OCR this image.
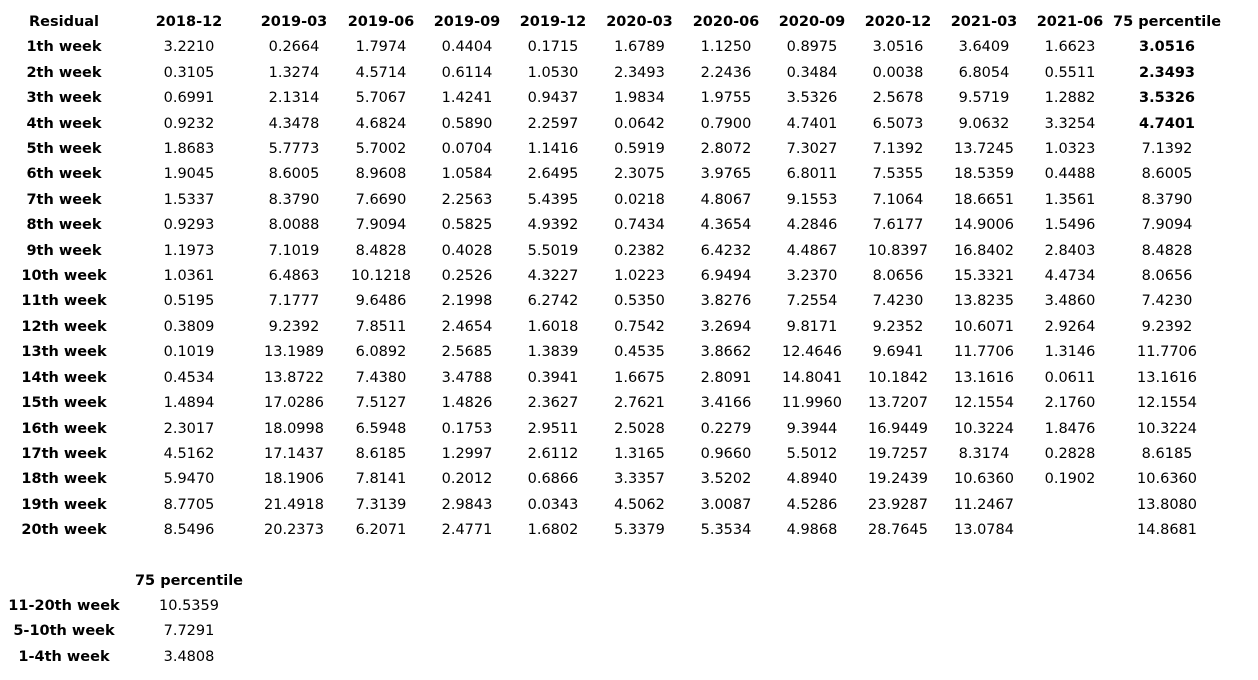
Residual	2018-12	2019-03	2019-06	2019-09	2019-12	2020-03	2020-06	2020-09	2020-12	2021-03	2021-06	75 percentile
1th week	3.2210	0.2664	1.7974	0.4404	0.1715	1.6789	1.1250	0.8975	3.0516	3.6409	1.6623	3.0516
2th week	0.3105	1.3274	4.5714	0.6114	1.0530	2.3493	2.2436	0.3484	0.0038	6.8054	0.5511	2.3493
3th week	0.6991	2.1314	5.7067	1.4241	0.9437	1.9834	1.9755	3.5326	2.5678	9.5719	1.2882	3.5326
4th week	0.9232	4.3478	4.6824	0.5890	2.2597	0.0642	0.7900	4.7401	6.5073	9.0632	3.3254	4.7401
5th week	1.8683	5.7773	5.7002	0.0704	1.1416	0.5919	2.8072	7.3027	7.1392	13.7245	1.0323	7.1392
6th week	1.9045	8.6005	8.9608	1.0584	2.6495	2.3075	3.9765	6.8011	7.5355	18.5359	0.4488	8.6005
7th week	1.5337	8.3790	7.6690	2.2563	5.4395	0.0218	4.8067	9.1553	7.1064	18.6651	1.3561	8.3790
8th week	0.9293	8.0088	7.9094	0.5825	4.9392	0.7434	4.3654	4.2846	7.6177	14.9006	1.5496	7.9094
9th week	1.1973	7.1019	8.4828	0.4028	5.5019	0.2382	6.4232	4.4867	10.8397	16.8402	2.8403	8.4828
10th week	1.0361	6.4863	10.1218	0.2526	4.3227	1.0223	6.9494	3.2370	8.0656	15.3321	4.4734	8.0656
11th week	0.5195	7.1777	9.6486	2.1998	6.2742	0.5350	3.8276	7.2554	7.4230	13.8235	3.4860	7.4230
12th week	0.3809	9.2392	7.8511	2.4654	1.6018	0.7542	3.2694	9.8171	9.2352	10.6071	2.9264	9.2392
13th week	0.1019	13.1989	6.0892	2.5685	1.3839	0.4535	3.8662	12.4646	9.6941	11.7706	1.3146	11.7706
14th week	0.4534	13.8722	7.4380	3.4788	0.3941	1.6675	2.8091	14.8041	10.1842	13.1616	0.0611	13.1616
15th week	1.4894	17.0286	7.5127	1.4826	2.3627	2.7621	3.4166	11.9960	13.7207	12.1554	2.1760	12.1554
16th week	2.3017	18.0998	6.5948	0.1753	2.9511	2.5028	0.2279	9.3944	16.9449	10.3224	1.8476	10.3224
17th week	4.5162	17.1437	8.6185	1.2997	2.6112	1.3165	0.9660	5.5012	19.7257	8.3174	0.2828	8.6185
18th week	5.9470	18.1906	7.8141	0.2012	0.6866	3.3357	3.5202	4.8940	19.2439	10.6360	0.1902	10.6360
19th week	8.7705	21.4918	7.3139	2.9843	0.0343	4.5062	3.0087	4.5286	23.9287	11.2467		13.8080
20th week	8.5496	20.2373	6.2071	2.4771	1.6802	5.3379	5.3534	4.9868	28.7645	13.0784		14.8681
	75 percentile
11-20th week	10.5359
5-10th week	7.7291
1-4th week	3.4808
